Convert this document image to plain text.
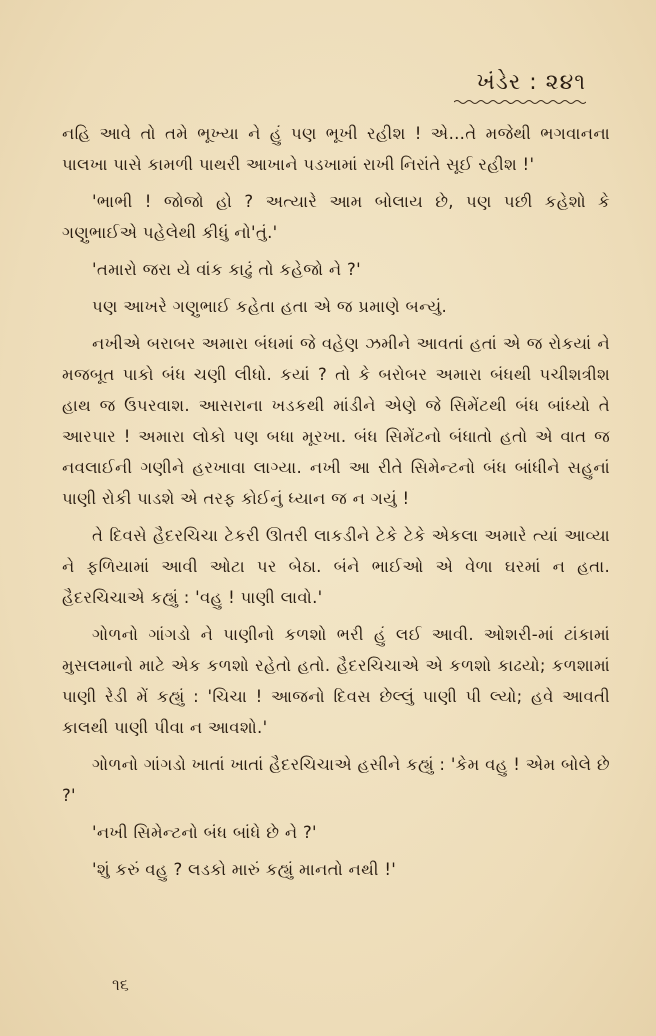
ખંડેર : ૨૪૧

નહિ આવે તો તમે ભૂખ્યા ને હું પણ ભૂખી રહીશ ! એ…તે મજેથી ભગવાનના પાલખા પાસે કામળી પાથરી આખાને પડખામાં રાખી નિરાંતે સૂઈ રહીશ !'

'ભાભી ! જોજો હો ? અત્યારે આમ બોલાય છે, પણ પછી કહેશો કે ગણુભાઈએ પહેલેથી કીધું નો'તું.'

'તમારો જરા યે વાંક કાઢું તો કહેજો ને ?'

પણ આખરે ગણુભાઈ કહેતા હતા એ જ પ્રમાણે બન્યું.

નખીએ બરાબર અમારા બંધમાં જે વહેણ ઝમીને આવતાં હતાં એ જ રોકયાં ને મજબૂત પાકો બંધ ચણી લીધો. કયાં ? તો કે બરોબર અમારા બંધથી પચીશત્રીશ હાથ જ ઉપરવાશ. આસરાના ખડકથી માંડીને એણે જે સિમેંટથી બંધ બાંધ્યો તે આરપાર ! અમારા લોકો પણ બધા મૂરખા. બંધ સિમેંટનો બંધાતો હતો એ વાત જ નવલાઈની ગણીને હરખાવા લાગ્યા. નખી આ રીતે સિમેન્ટનો બંધ બાંધીને સહુનાં પાણી રોકી પાડશે એ તરફ કોઈનું ધ્યાન જ ન ગયું !

તે દિવસે હૈદરચિચા ટેકરી ઊતરી લાકડીને ટેકે ટેકે એકલા અમારે ત્યાં આવ્યા ને ફળિયામાં આવી ઓટા પર બેઠા. બંને ભાઈઓ એ વેળા ઘરમાં ન હતા. હૈદરચિચાએ કહ્યું : 'વહુ ! પાણી લાવો.'

ગોળનો ગાંગડો ને પાણીનો કળશો ભરી હું લઈ આવી. ઓશરી-માં ટાંકામાં મુસલમાનો માટે એક કળશો રહેતો હતો. હૈદરચિચાએ એ કળશો કાઢયો; કળશામાં પાણી રેડી મેં કહ્યું : 'ચિચા ! આજનો દિવસ છેલ્લું પાણી પી લ્યો; હવે આવતી કાલથી પાણી પીવા ન આવશો.'

ગોળનો ગાંગડો ખાતાં ખાતાં હૈદરચિચાએ હસીને કહ્યું : 'કેમ વહુ ! એમ બોલે છે ?'

'નખી સિમેન્ટનો બંધ બાંધે છે ને ?'

'શું કરું વહુ ? લડકો મારું કહ્યું માનતો નથી !'

૧૬
